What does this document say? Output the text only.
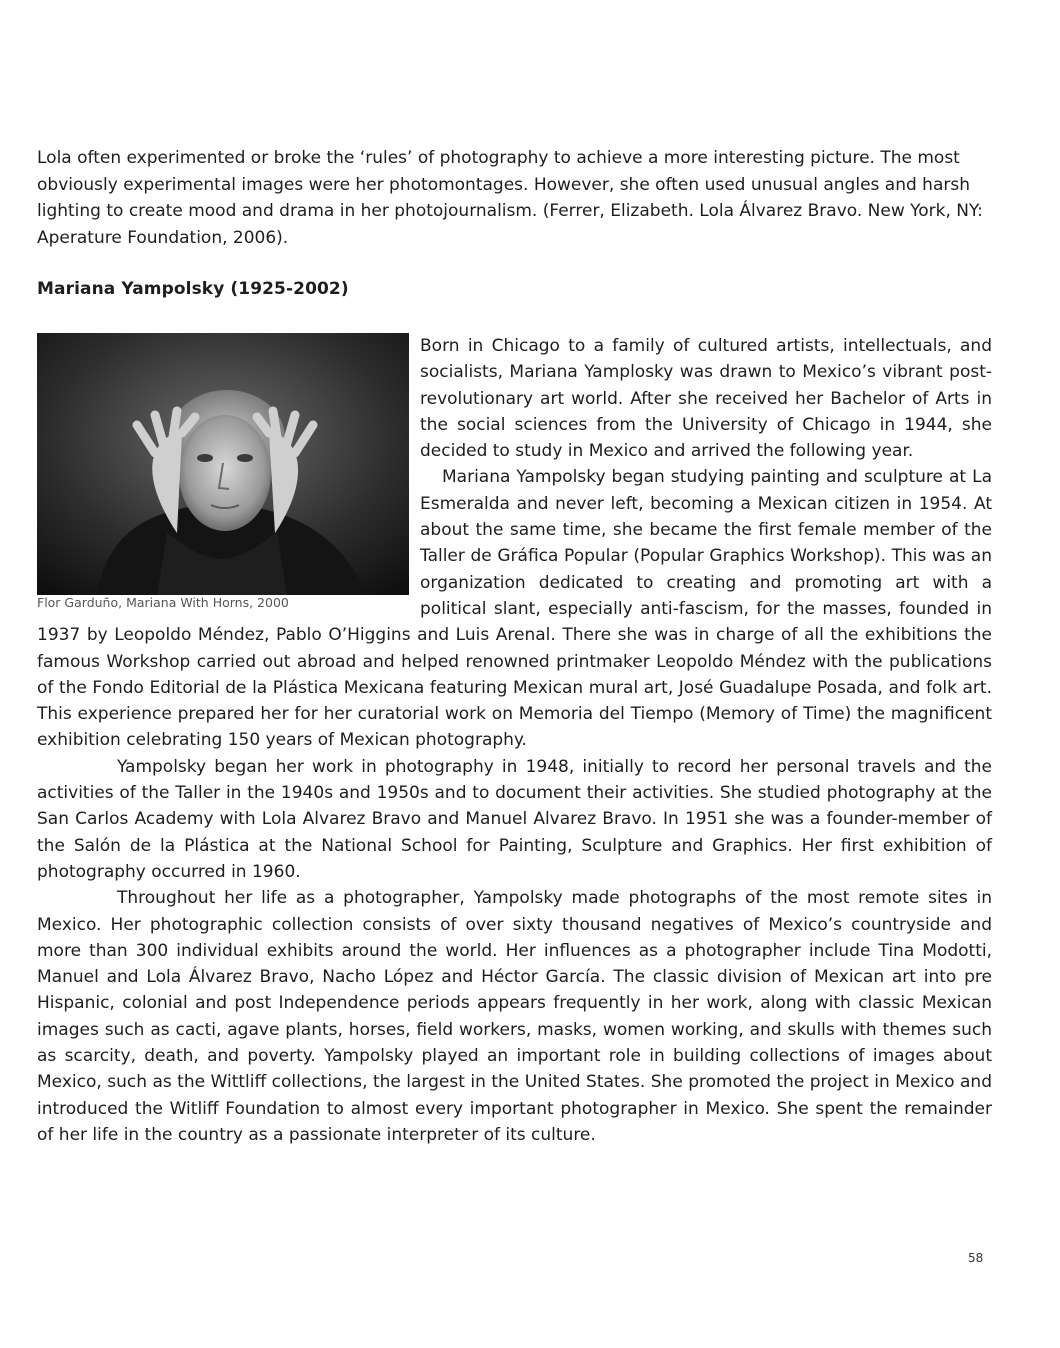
Lola often experimented or broke the ‘rules’ of photography to achieve a more interesting picture. The most obviously experimental images were her photomontages. However, she often used unusual angles and harsh lighting to create mood and drama in her photojournalism. (Ferrer, Elizabeth. Lola Álvarez Bravo. New York, NY: Aperature Foundation, 2006).

Mariana Yampolsky (1925-2002)
Flor Garduño, Mariana With Horns, 2000

Born in Chicago to a family of cultured artists, intellectuals, and socialists, Mariana Yamplosky was drawn to Mexico’s vibrant post-revolutionary art world. After she received her Bachelor of Arts in the social sciences from the University of Chicago in 1944, she decided to study in Mexico and arrived the following year.

Mariana Yampolsky began studying painting and sculpture at La Esmeralda and never left, becoming a Mexican citizen in 1954. At about the same time, she became the first female member of the Taller de Gráfica Popular (Popular Graphics Workshop). This was an organization dedicated to creating and promoting art with a political slant, especially anti-fascism, for the masses, founded in 1937 by Leopoldo Méndez, Pablo O’Higgins and Luis Arenal. There she was in charge of all the exhibitions the famous Workshop carried out abroad and helped renowned printmaker Leopoldo Méndez with the publications of the Fondo Editorial de la Plástica Mexicana featuring Mexican mural art, José Guadalupe Posada, and folk art. This experience prepared her for her curatorial work on Memoria del Tiempo (Memory of Time) the magnificent exhibition celebrating 150 years of Mexican photography.

Yampolsky began her work in photography in 1948, initially to record her personal travels and the activities of the Taller in the 1940s and 1950s and to document their activities. She studied photography at the San Carlos Academy with Lola Alvarez Bravo and Manuel Alvarez Bravo. In 1951 she was a founder-member of the Salón de la Plástica at the National School for Painting, Sculpture and Graphics. Her first exhibition of photography occurred in 1960.

Throughout her life as a photographer, Yampolsky made photographs of the most remote sites in Mexico. Her photographic collection consists of over sixty thousand negatives of Mexico’s countryside and more than 300 individual exhibits around the world. Her influences as a photographer include Tina Modotti, Manuel and Lola Álvarez Bravo, Nacho López and Héctor García. The classic division of Mexican art into pre Hispanic, colonial and post Independence periods appears frequently in her work, along with classic Mexican images such as cacti, agave plants, horses, field workers, masks, women working, and skulls with themes such as scarcity, death, and poverty. Yampolsky played an important role in building collections of images about Mexico, such as the Wittliff collections, the largest in the United States. She promoted the project in Mexico and introduced the Witliff Foundation to almost every important photographer in Mexico. She spent the remainder of her life in the country as a passionate interpreter of its culture.

58
